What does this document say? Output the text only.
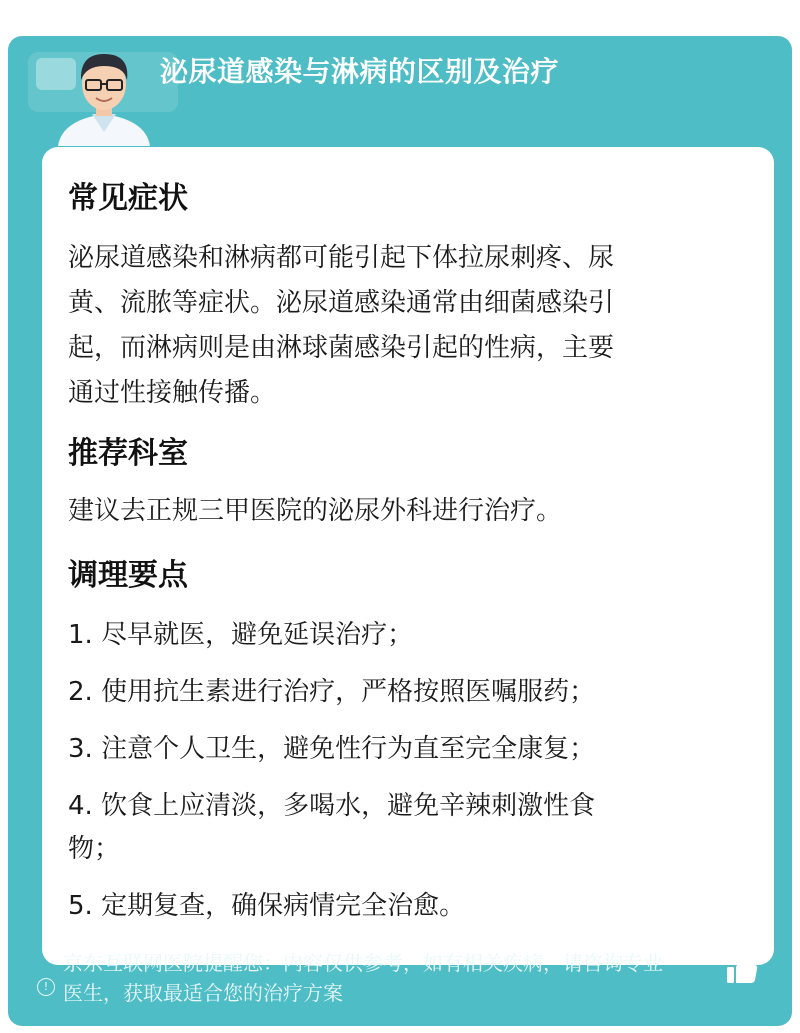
泌尿道感染与淋病的区别及治疗
常见症状
泌尿道感染和淋病都可能引起下体拉尿刺疼、尿
黄、流脓等症状。泌尿道感染通常由细菌感染引
起，而淋病则是由淋球菌感染引起的性病，主要
通过性接触传播。
推荐科室
建议去正规三甲医院的泌尿外科进行治疗。
调理要点
1. 尽早就医，避免延误治疗；
2. 使用抗生素进行治疗，严格按照医嘱服药；
3. 注意个人卫生，避免性行为直至完全康复；
4. 饮食上应清淡，多喝水，避免辛辣刺激性食
物；
5. 定期复查，确保病情完全治愈。
!
京东互联网医院提醒您：内容仅供参考，如有相关疾病，请咨询专业
医生，获取最适合您的治疗方案
